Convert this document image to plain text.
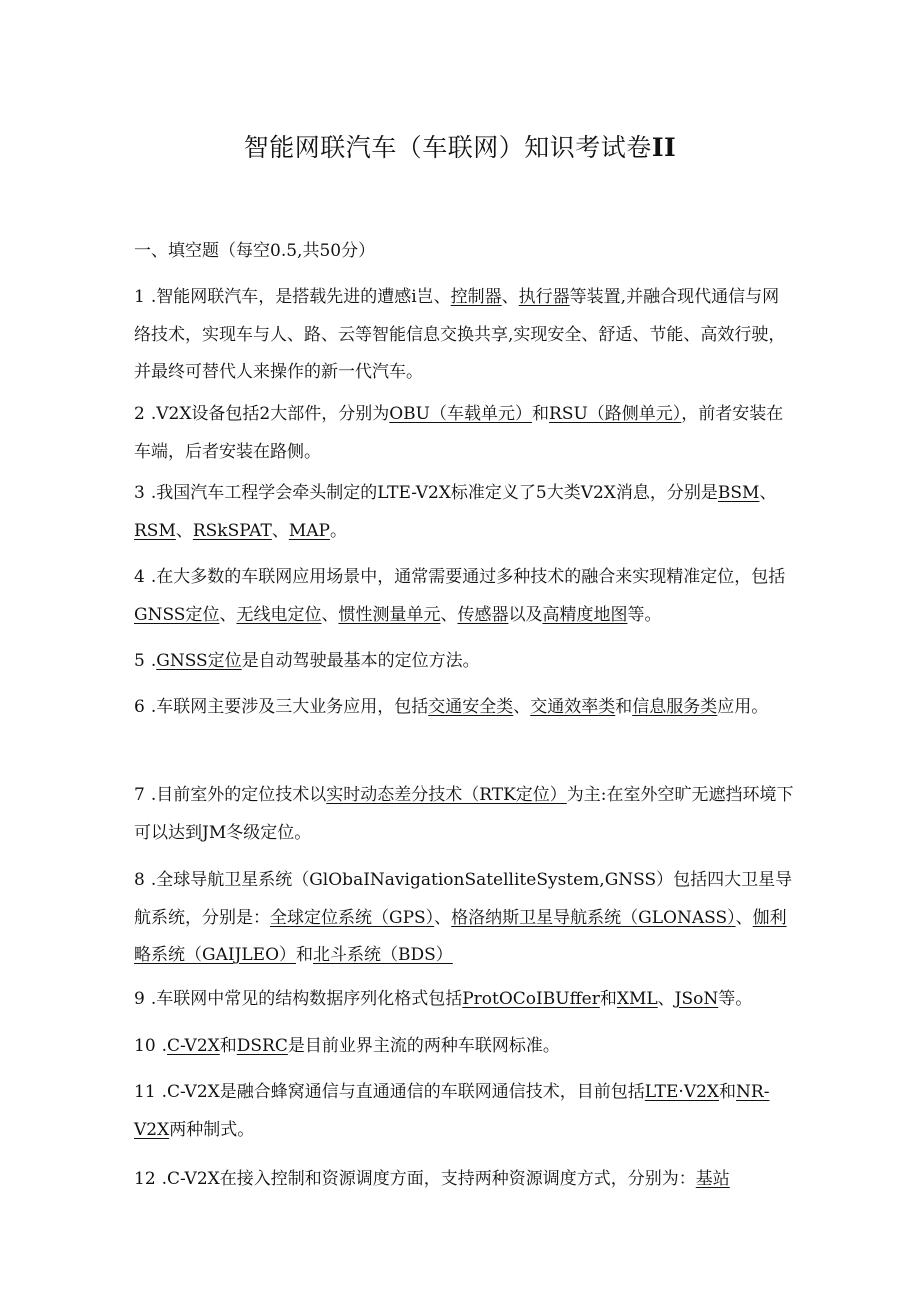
智能网联汽车（车联网）知识考试卷II
一、填空题（每空0.5,共50分）

1 .智能网联汽车，是搭载先进的遭感i岂、控制器、执行器等装置,并融合现代通信与网络技术，实现车与人、路、云等智能信息交换共享,实现安全、舒适、节能、高效行驶，并最终可替代人来操作的新一代汽车。

2 .V2X设备包括2大部件，分别为OBU（车载单元）和RSU（路侧单元），前者安装在车端，后者安装在路侧。

3 .我国汽车工程学会牵头制定的LTE-V2X标准定义了5大类V2X消息，分别是BSM、RSM、RSkSPAT、MAP。

4 .在大多数的车联网应用场景中，通常需要通过多种技术的融合来实现精准定位，包括GNSS定位、无线电定位、惯性测量单元、传感器以及高精度地图等。

5 .GNSS定位是自动驾驶最基本的定位方法。

6 .车联网主要涉及三大业务应用，包括交通安全类、交通效率类和信息服务类应用。

7 .目前室外的定位技术以实时动态差分技术（RTK定位）为主:在室外空旷无遮挡环境下可以达到JM冬级定位。

8 .全球导航卫星系统（GlObaINavigationSatelliteSystem,GNSS）包括四大卫星导航系统，分别是：全球定位系统（GPS）、格洛纳斯卫星导航系统（GLONASS）、伽利略系统（GAIJLEO）和北斗系统（BDS）

9 .车联网中常见的结构数据序列化格式包括ProtOCoIBUffer和XML、JSoN等。

10 .C-V2X和DSRC是目前业界主流的两种车联网标准。

11 .C-V2X是融合蜂窝通信与直通通信的车联网通信技术，目前包括LTE·V2X和NR-V2X两种制式。

12 .C-V2X在接入控制和资源调度方面，支持两种资源调度方式，分别为：基站
